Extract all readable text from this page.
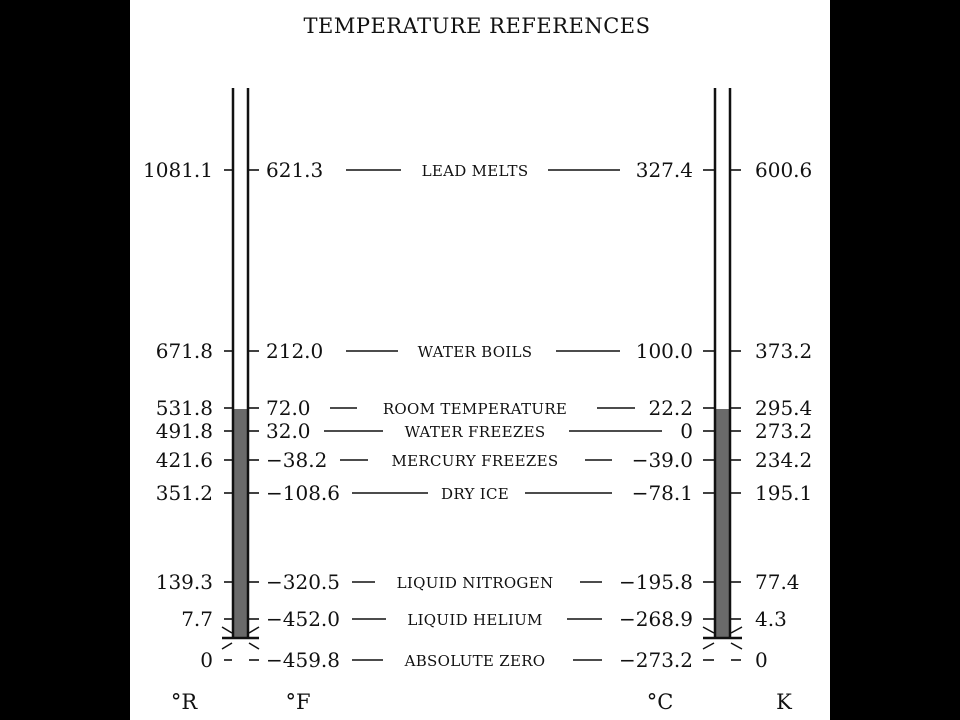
TEMPERATURE REFERENCES
1081.1	621.3	LEAD MELTS	327.4	600.6
671.8	212.0	WATER BOILS	100.0	373.2
531.8	72.0	ROOM TEMPERATURE	22.2	295.4
491.8	32.0	WATER FREEZES	0	273.2
421.6	−38.2	MERCURY FREEZES	−39.0	234.2
351.2	−108.6	DRY ICE	−78.1	195.1
139.3	−320.5	LIQUID NITROGEN	−195.8	77.4
7.7	−452.0	LIQUID HELIUM	−268.9	4.3
0	−459.8	ABSOLUTE ZERO	−273.2	0
°R	°F	°C	K
